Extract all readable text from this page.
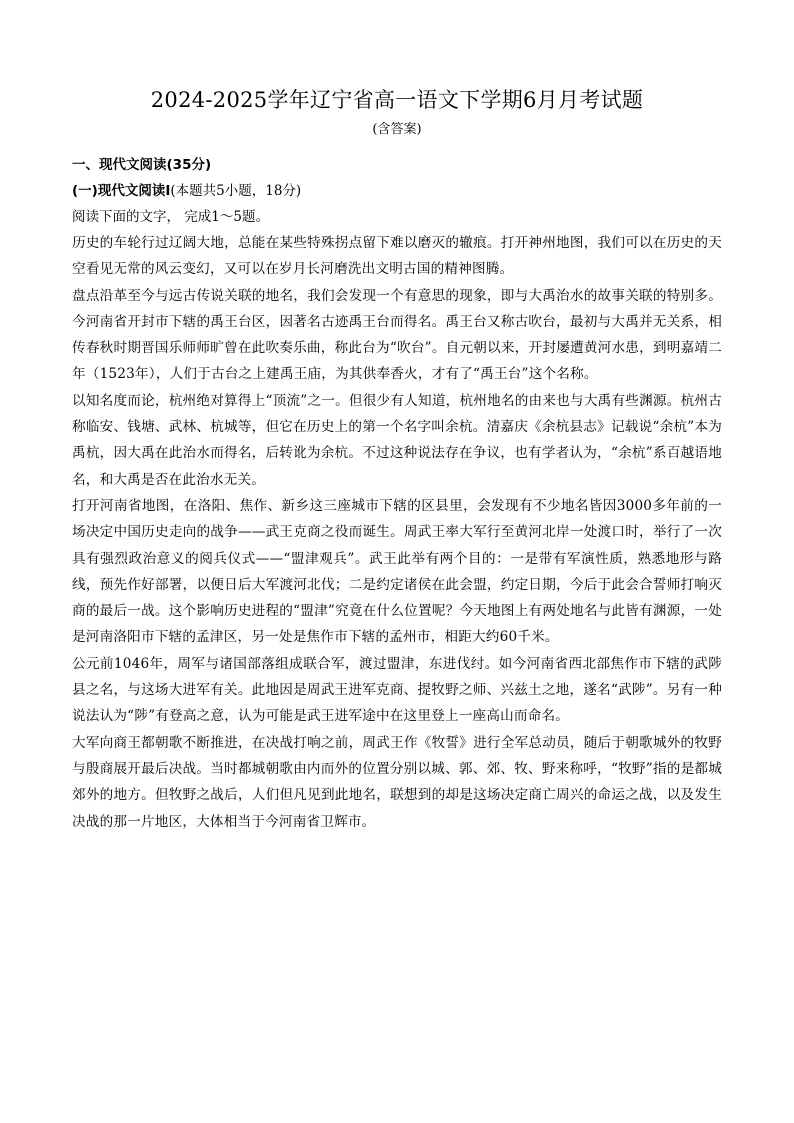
2024-2025学年辽宁省高一语文下学期6月月考试题
(含答案)
一、现代文阅读(35分)
(一)现代文阅读Ⅰ(本题共5小题，18分)
阅读下面的文字， 完成1～5题。

历史的车轮行过辽阔大地，总能在某些特殊拐点留下难以磨灭的辙痕。打开神州地图，我们可以在历史的天空看见无常的风云变幻，又可以在岁月长河磨洗出文明古国的精神图腾。

盘点沿革至今与远古传说关联的地名，我们会发现一个有意思的现象，即与大禹治水的故事关联的特别多。今河南省开封市下辖的禹王台区，因著名古迹禹王台而得名。禹王台又称古吹台，最初与大禹并无关系，相传春秋时期晋国乐师师旷曾在此吹奏乐曲，称此台为“吹台”。自元朝以来，开封屡遭黄河水患，到明嘉靖二年（1523年），人们于古台之上建禹王庙，为其供奉香火，才有了“禹王台”这个名称。

以知名度而论，杭州绝对算得上“顶流”之一。但很少有人知道，杭州地名的由来也与大禹有些渊源。杭州古称临安、钱塘、武林、杭城等，但它在历史上的第一个名字叫余杭。清嘉庆《余杭县志》记载说“余杭”本为禹杭，因大禹在此治水而得名，后转讹为余杭。不过这种说法存在争议，也有学者认为，“余杭”系百越语地名，和大禹是否在此治水无关。

打开河南省地图，在洛阳、焦作、新乡这三座城市下辖的区县里，会发现有不少地名皆因3000多年前的一场决定中国历史走向的战争——武王克商之役而诞生。周武王率大军行至黄河北岸一处渡口时，举行了一次具有强烈政治意义的阅兵仪式——“盟津观兵”。武王此举有两个目的：一是带有军演性质，熟悉地形与路线，预先作好部署，以便日后大军渡河北伐；二是约定诸侯在此会盟，约定日期，今后于此会合誓师打响灭商的最后一战。这个影响历史进程的“盟津”究竟在什么位置呢？今天地图上有两处地名与此皆有渊源，一处是河南洛阳市下辖的孟津区，另一处是焦作市下辖的孟州市，相距大约60千米。

公元前1046年，周军与诸国部落组成联合军，渡过盟津，东进伐纣。如今河南省西北部焦作市下辖的武陟县之名，与这场大进军有关。此地因是周武王进军克商、提牧野之师、兴兹土之地，遂名“武陟”。另有一种说法认为“陟”有登高之意，认为可能是武王进军途中在这里登上一座高山而命名。

大军向商王都朝歌不断推进，在决战打响之前，周武王作《牧誓》进行全军总动员，随后于朝歌城外的牧野与殷商展开最后决战。当时都城朝歌由内而外的位置分别以城、郭、郊、牧、野来称呼，“牧野”指的是都城郊外的地方。但牧野之战后，人们但凡见到此地名，联想到的却是这场决定商亡周兴的命运之战，以及发生决战的那一片地区，大体相当于今河南省卫辉市。
